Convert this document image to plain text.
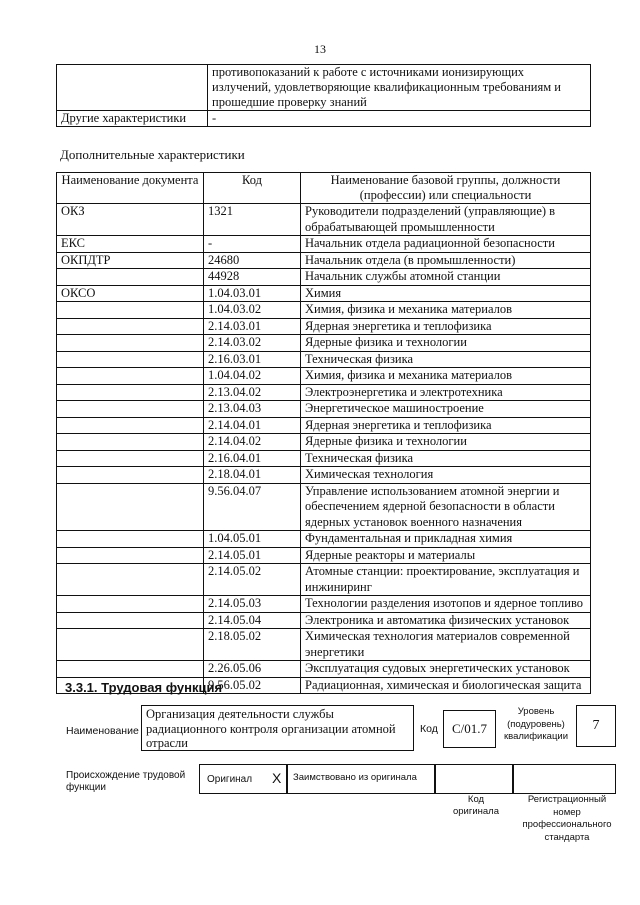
13
	противопоказаний к работе с источниками ионизирующих излучений, удовлетворяющие квалификационным требованиям и прошедшие проверку знаний
Другие характеристики	-
Дополнительные характеристики
Наименование документа	Код	Наименование базовой группы, должности (профессии) или специальности
ОКЗ	1321	Руководители подразделений (управляющие) в обрабатывающей промышленности
ЕКС	-	Начальник отдела радиационной безопасности
ОКПДТР	24680	Начальник отдела (в промышленности)
	44928	Начальник службы атомной станции
ОКСО	1.04.03.01	Химия
	1.04.03.02	Химия, физика и механика материалов
	2.14.03.01	Ядерная энергетика и теплофизика
	2.14.03.02	Ядерные физика и технологии
	2.16.03.01	Техническая физика
	1.04.04.02	Химия, физика и механика материалов
	2.13.04.02	Электроэнергетика и электротехника
	2.13.04.03	Энергетическое машиностроение
	2.14.04.01	Ядерная энергетика и теплофизика
	2.14.04.02	Ядерные физика и технологии
	2.16.04.01	Техническая физика
	2.18.04.01	Химическая технология
	9.56.04.07	Управление использованием атомной энергии и обеспечением ядерной безопасности в области ядерных установок военного назначения
	1.04.05.01	Фундаментальная и прикладная химия
	2.14.05.01	Ядерные реакторы и материалы
	2.14.05.02	Атомные станции: проектирование, эксплуатация и инжиниринг
	2.14.05.03	Технологии разделения изотопов и ядерное топливо
	2.14.05.04	Электроника и автоматика физических установок
	2.18.05.02	Химическая технология материалов современной энергетики
	2.26.05.06	Эксплуатация судовых энергетических установок
	9.56.05.02	Радиационная, химическая и биологическая защита
3.3.1. Трудовая функция
Наименование
Организация деятельности службы радиационного контроля организации атомной отрасли
Код	С/01.7
Уровень (подуровень) квалификации
7
Происхождение трудовой функции
Оригинал X Заимствовано из оригинала
Код оригинала
Регистрационный номер профессионального стандарта
